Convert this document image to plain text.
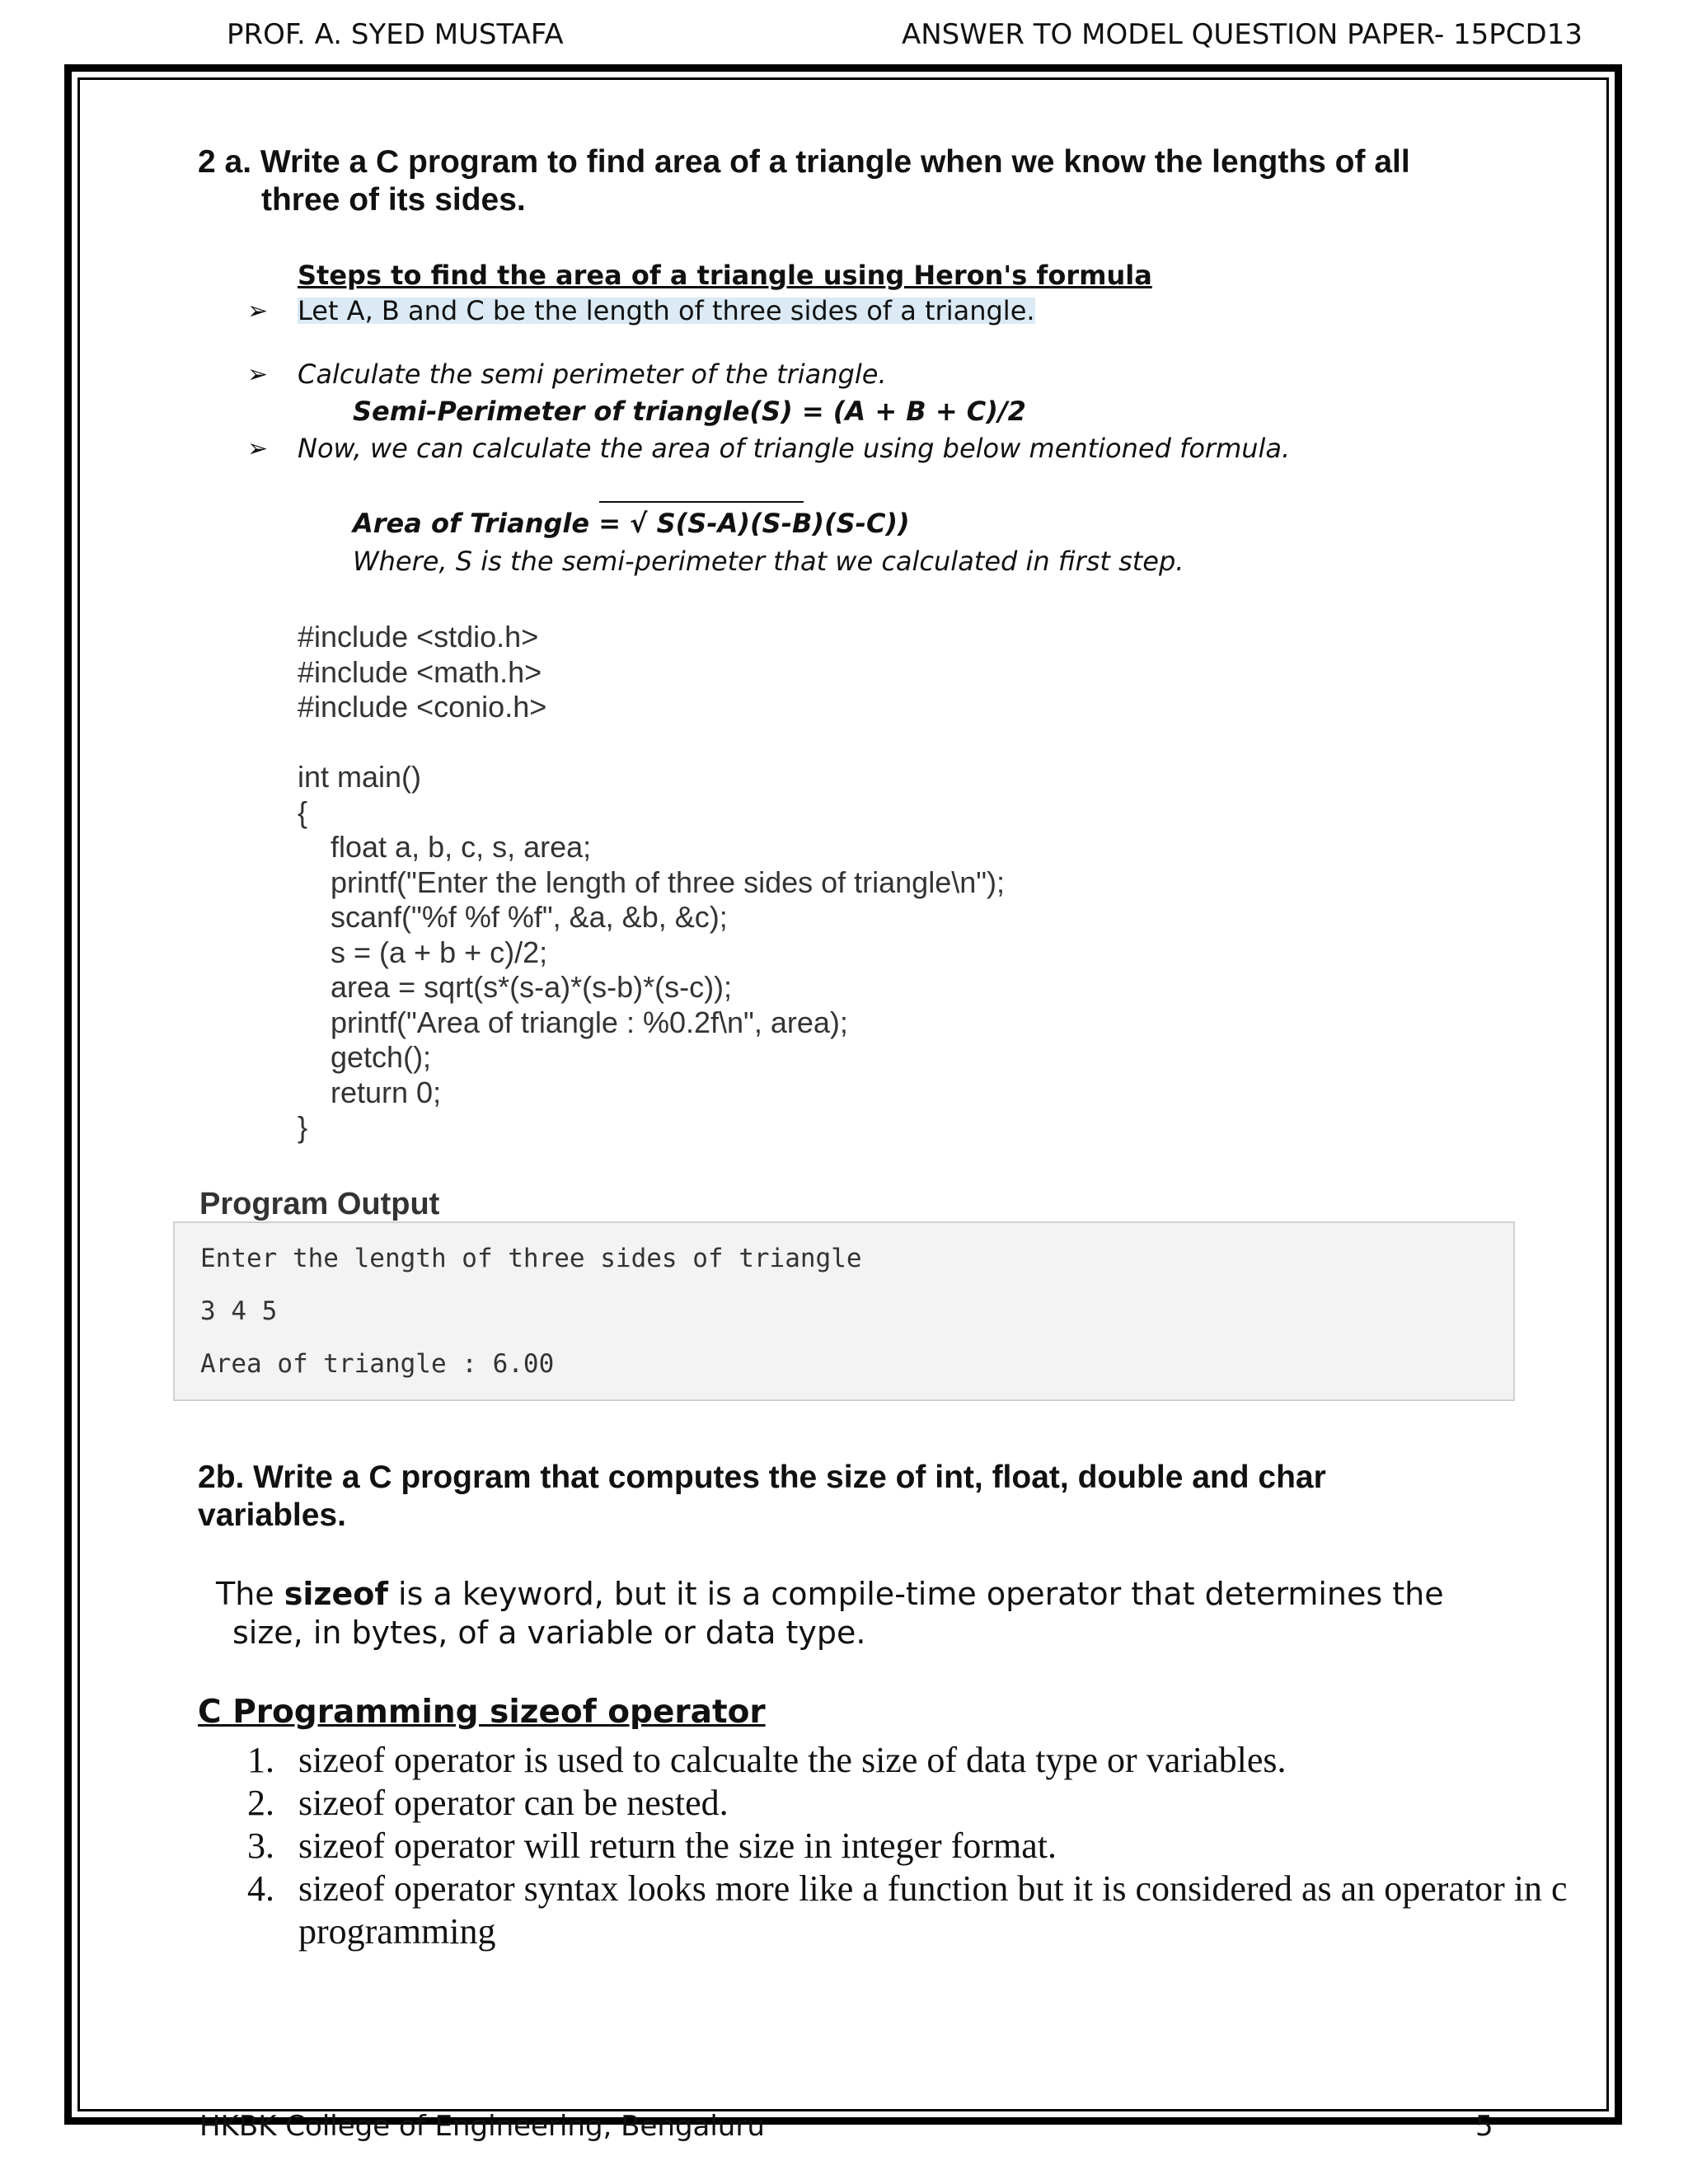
PROF. A. SYED MUSTAFA	ANSWER TO MODEL QUESTION PAPER- 15PCD13

2 a. Write a C program to find area of a triangle when we know the lengths of all
three of its sides.

Steps to find the area of a triangle using Heron's formula
➢ Let A, B and C be the length of three sides of a triangle.
➢ Calculate the semi perimeter of the triangle.
Semi-Perimeter of triangle(S) = (A + B + C)/2
➢ Now, we can calculate the area of triangle using below mentioned formula.
Area of Triangle = √ S(S-A)(S-B)(S-C))
Where, S is the semi-perimeter that we calculated in first step.
#include <stdio.h>
#include <math.h>
#include <conio.h>

int main()
{
float a, b, c, s, area;
printf("Enter the length of three sides of triangle\n");
scanf("%f %f %f", &a, &b, &c);
s = (a + b + c)/2;
area = sqrt(s*(s-a)*(s-b)*(s-c));
printf("Area of triangle : %0.2f\n", area);
getch();
return 0;
}
Program Output
Enter the length of three sides of triangle
3 4 5
Area of triangle : 6.00

2b. Write a C program that computes the size of int, float, double and char
variables.

The sizeof is a keyword, but it is a compile-time operator that determines the
size, in bytes, of a variable or data type.
C Programming sizeof operator
1. sizeof operator is used to calcualte the size of data type or variables.
2. sizeof operator can be nested.
3. sizeof operator will return the size in integer format.
4. sizeof operator syntax looks more like a function but it is considered as an operator in c programming
HKBK College of Engineering, Bengaluru	5
